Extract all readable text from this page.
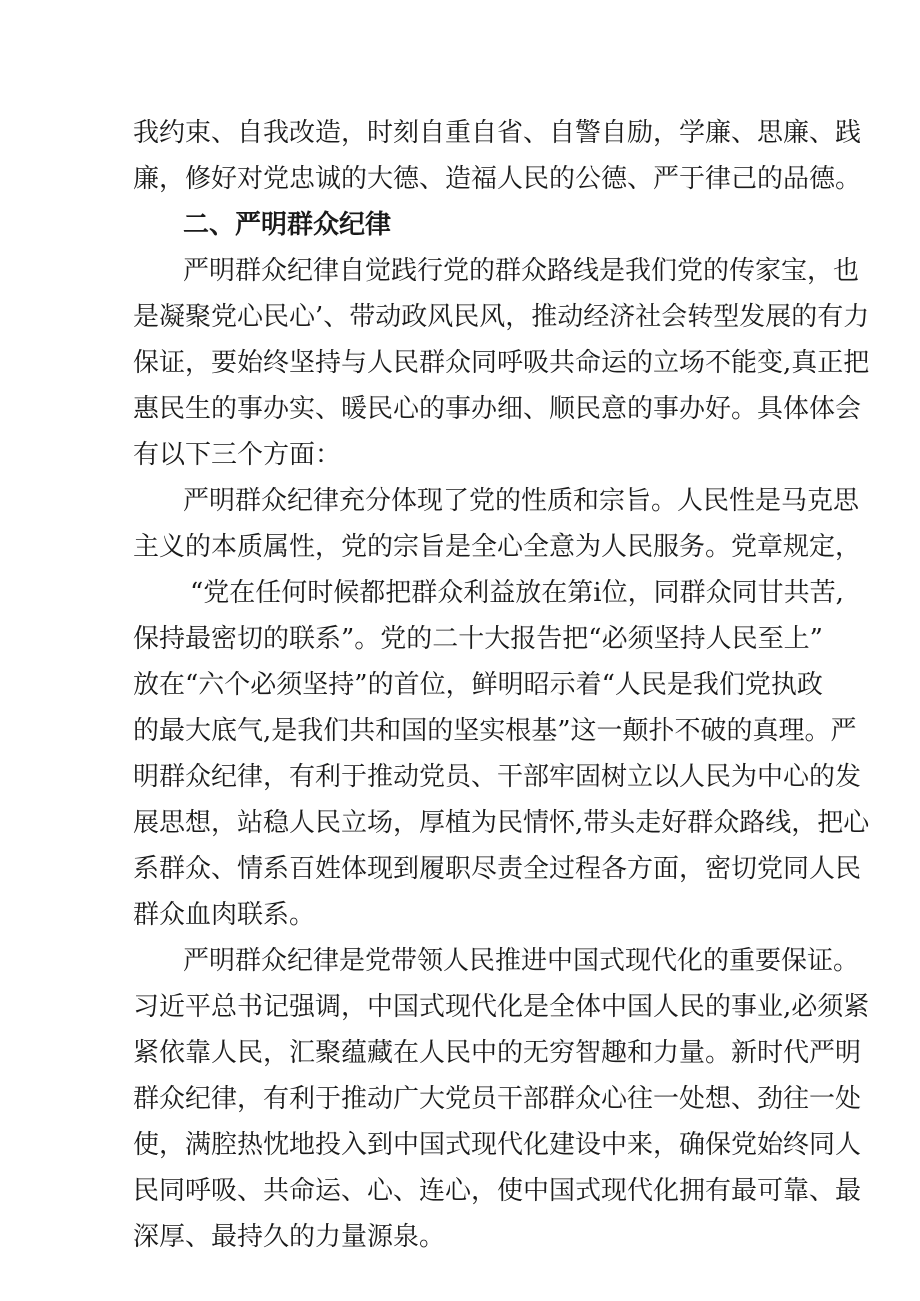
我约束、自我改造，时刻自重自省、自警自励，学廉、思廉、践
廉，修好对党忠诚的大德、造福人民的公德、严于律己的品德。
二、严明群众纪律
严明群众纪律自觉践行党的群众路线是我们党的传家宝，也
是凝聚党心民心’、带动政风民风，推动经济社会转型发展的有力
保证，要始终坚持与人民群众同呼吸共命运的立场不能变,真正把
惠民生的事办实、暖民心的事办细、顺民意的事办好。具体体会
有以下三个方面：
严明群众纪律充分体现了党的性质和宗旨。人民性是马克思
主义的本质属性，党的宗旨是全心全意为人民服务。党章规定，
“党在任何时候都把群众利益放在第i位，同群众同甘共苦,
保持最密切的联系”。党的二十大报告把“必须坚持人民至上”
放在“六个必须坚持”的首位，鲜明昭示着“人民是我们党执政
的最大底气,是我们共和国的坚实根基”这一颠扑不破的真理。严
明群众纪律，有利于推动党员、干部牢固树立以人民为中心的发
展思想，站稳人民立场，厚植为民情怀,带头走好群众路线，把心
系群众、情系百姓体现到履职尽责全过程各方面，密切党同人民
群众血肉联系。
严明群众纪律是党带领人民推进中国式现代化的重要保证。
习近平总书记强调，中国式现代化是全体中国人民的事业,必须紧
紧依靠人民，汇聚蕴藏在人民中的无穷智趣和力量。新时代严明
群众纪律，有利于推动广大党员干部群众心往一处想、劲往一处
使，满腔热忱地投入到中国式现代化建设中来，确保党始终同人
民同呼吸、共命运、心、连心，使中国式现代化拥有最可靠、最
深厚、最持久的力量源泉。
